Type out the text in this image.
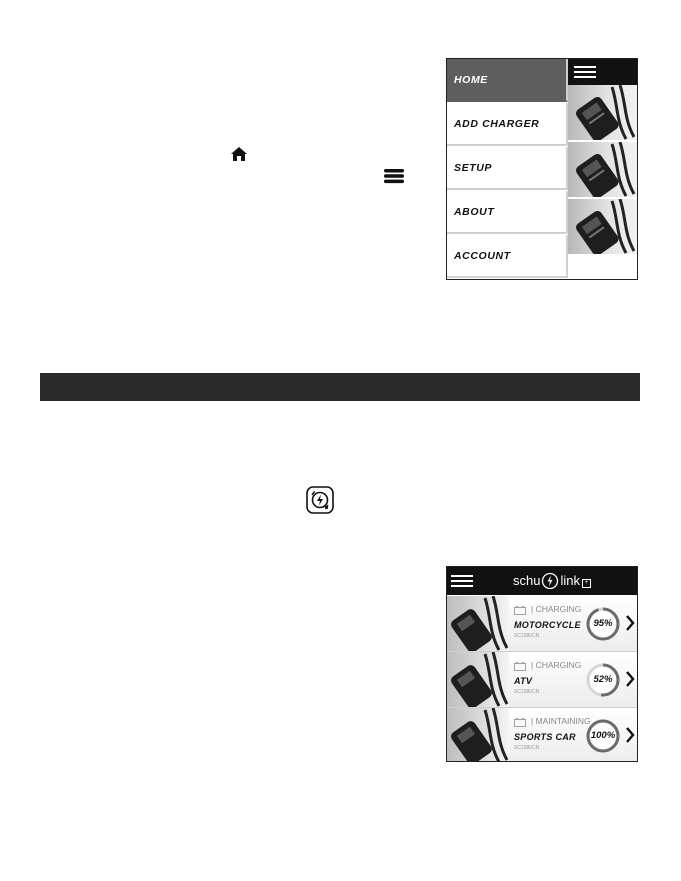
HOME
ADD CHARGER
SETUP
ABOUT
ACCOUNT
schu link +
| CHARGING
MOTORCYCLE
SC1580CN
95%
| CHARGING
ATV
SC1580CN
52%
| MAINTAINING
SPORTS CAR
SC1580CN
100%
